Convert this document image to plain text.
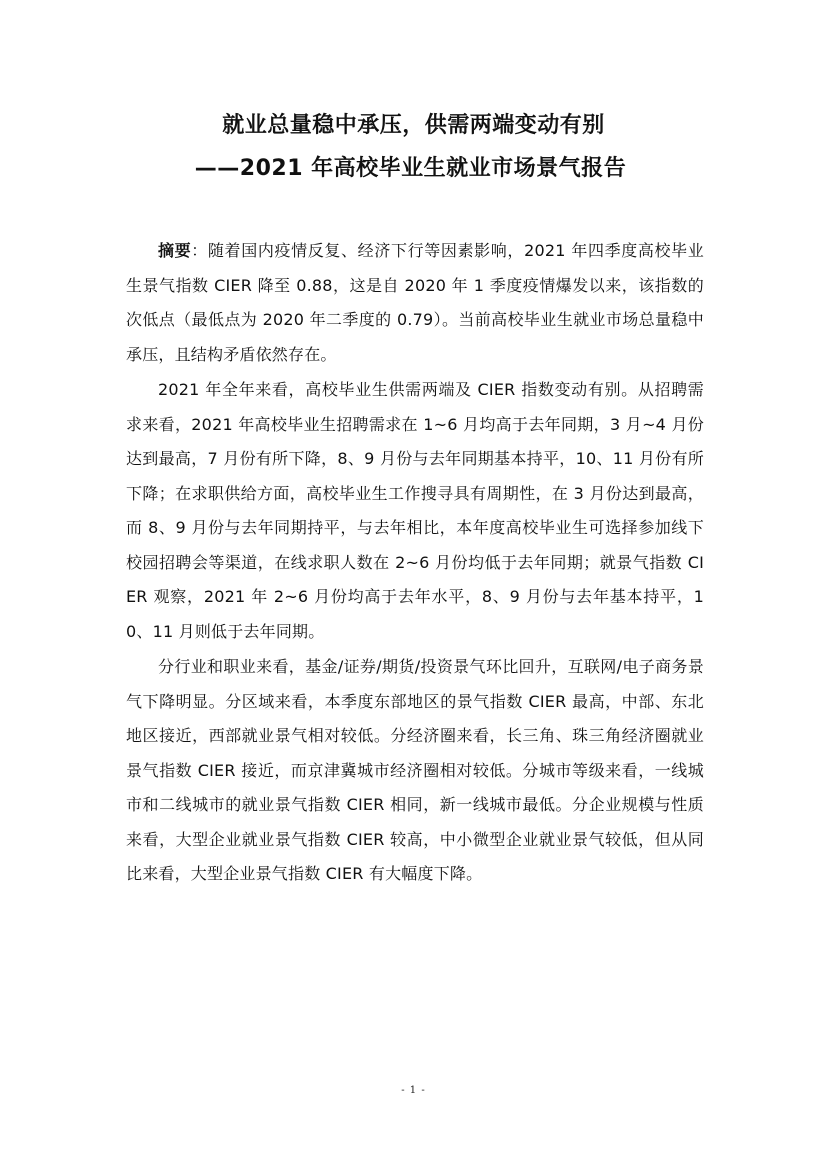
就业总量稳中承压，供需两端变动有别
——2021 年高校毕业生就业市场景气报告

摘要：随着国内疫情反复、经济下行等因素影响，2021 年四季度高校毕业生景气指数 CIER 降至 0.88，这是自 2020 年 1 季度疫情爆发以来，该指数的次低点（最低点为 2020 年二季度的 0.79）。当前高校毕业生就业市场总量稳中承压，且结构矛盾依然存在。

2021 年全年来看，高校毕业生供需两端及 CIER 指数变动有别。从招聘需求来看，2021 年高校毕业生招聘需求在 1~6 月均高于去年同期，3 月~4 月份达到最高，7 月份有所下降，8、9 月份与去年同期基本持平，10、11 月份有所下降；在求职供给方面，高校毕业生工作搜寻具有周期性，在 3 月份达到最高，而 8、9 月份与去年同期持平，与去年相比，本年度高校毕业生可选择参加线下校园招聘会等渠道，在线求职人数在 2~6 月份均低于去年同期；就景气指数 CIER 观察，2021 年 2~6 月份均高于去年水平，8、9 月份与去年基本持平，10、11 月则低于去年同期。

分行业和职业来看，基金/证券/期货/投资景气环比回升，互联网/电子商务景气下降明显。分区域来看，本季度东部地区的景气指数 CIER 最高，中部、东北地区接近，西部就业景气相对较低。分经济圈来看，长三角、珠三角经济圈就业景气指数 CIER 接近，而京津冀城市经济圈相对较低。分城市等级来看，一线城市和二线城市的就业景气指数 CIER 相同，新一线城市最低。分企业规模与性质来看，大型企业就业景气指数 CIER 较高，中小微型企业就业景气较低，但从同比来看，大型企业景气指数 CIER 有大幅度下降。

- 1 -
